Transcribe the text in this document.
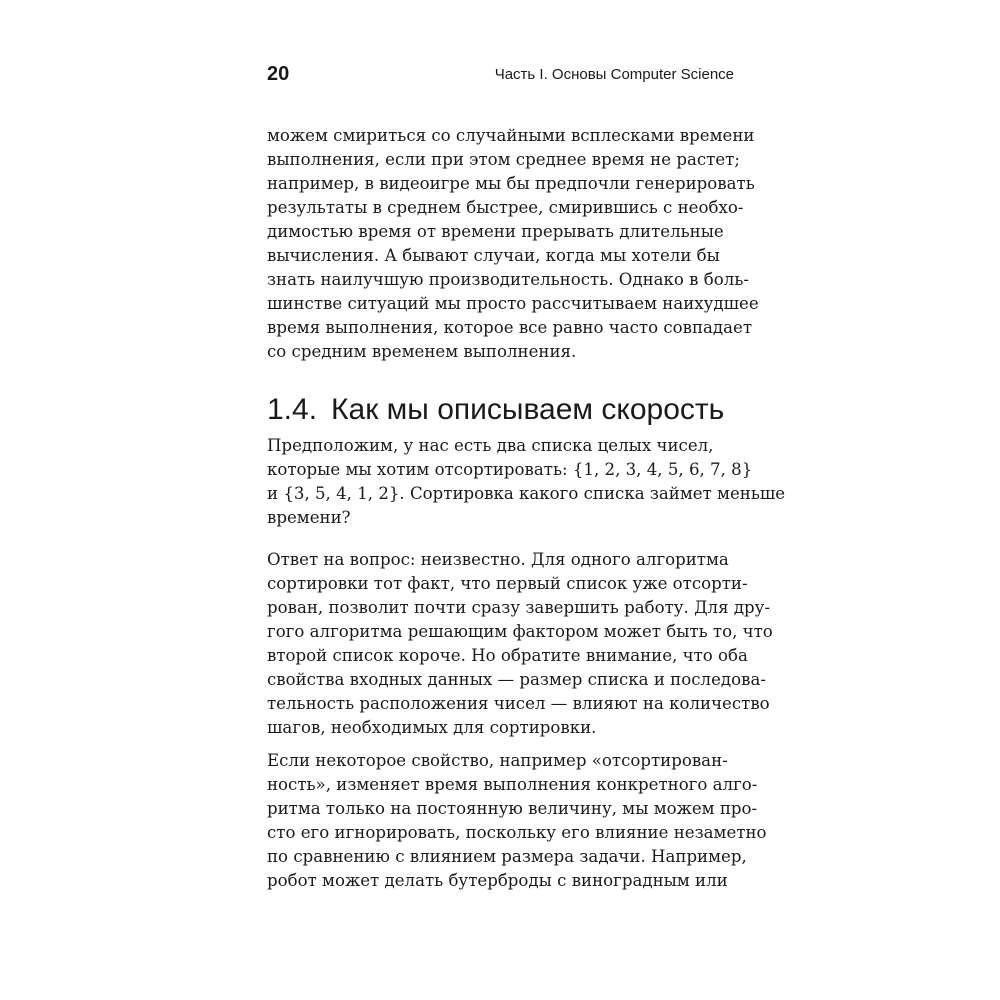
20	Часть I. Основы Computer Science

можем смириться со случайными всплесками времени
выполнения, если при этом среднее время не растет;
например, в видеоигре мы бы предпочли генерировать
результаты в среднем быстрее, смирившись с необхо-
димостью время от времени прерывать длительные
вычисления. А бывают случаи, когда мы хотели бы
знать наилучшую производительность. Однако в боль-
шинстве ситуаций мы просто рассчитываем наихудшее
время выполнения, которое все равно часто совпадает
со средним временем выполнения.

1.4. Как мы описываем скорость

Предположим, у нас есть два списка целых чисел,
которые мы хотим отсортировать: {1, 2, 3, 4, 5, 6, 7, 8}
и {3, 5, 4, 1, 2}. Сортировка какого списка займет меньше
времени?

Ответ на вопрос: неизвестно. Для одного алгоритма
сортировки тот факт, что первый список уже отсорти-
рован, позволит почти сразу завершить работу. Для дру-
гого алгоритма решающим фактором может быть то, что
второй список короче. Но обратите внимание, что оба
свойства входных данных — размер списка и последова-
тельность расположения чисел — влияют на количество
шагов, необходимых для сортировки.

Если некоторое свойство, например «отсортирован-
ность», изменяет время выполнения конкретного алго-
ритма только на постоянную величину, мы можем про-
сто его игнорировать, поскольку его влияние незаметно
по сравнению с влиянием размера задачи. Например,
робот может делать бутерброды с виноградным или
